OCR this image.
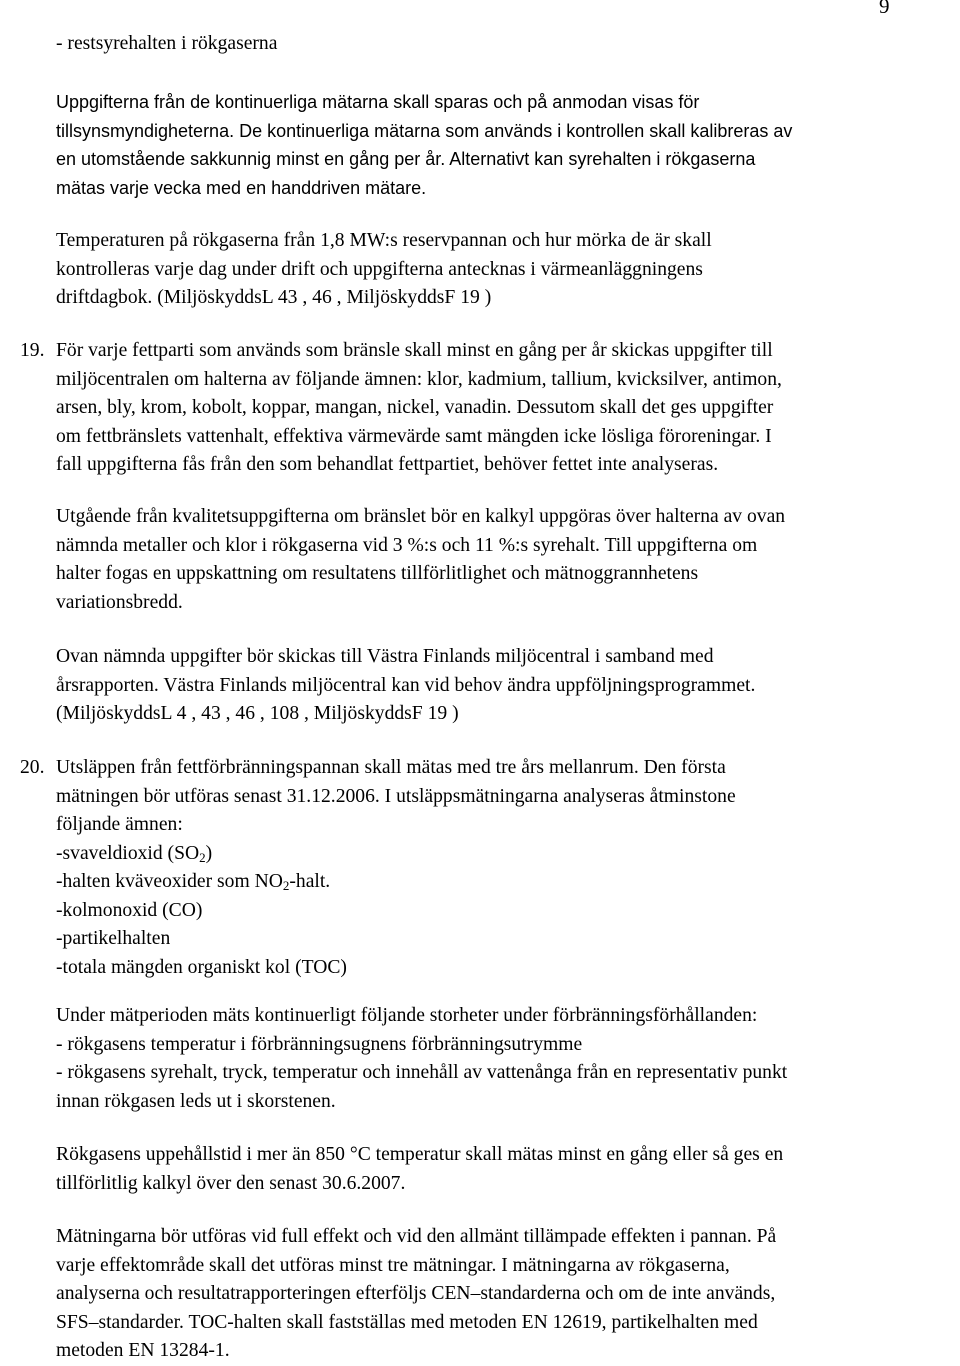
9
- restsyrehalten i rökgaserna
Uppgifterna från de kontinuerliga mätarna skall sparas och på anmodan visas för
tillsynsmyndigheterna. De kontinuerliga mätarna som används i kontrollen skall kalibreras av
en utomstående sakkunnig minst en gång per år. Alternativt kan syrehalten i rökgaserna
mätas varje vecka med en handdriven mätare.
Temperaturen på rökgaserna från 1,8 MW:s reservpannan och hur mörka de är skall
kontrolleras varje dag under drift och uppgifterna antecknas i värmeanläggningens
driftdagbok. (MiljöskyddsL 43 , 46 , MiljöskyddsF 19 )
19. För varje fettparti som används som bränsle skall minst en gång per år skickas uppgifter till
miljöcentralen om halterna av följande ämnen: klor, kadmium, tallium, kvicksilver, antimon,
arsen, bly, krom, kobolt, koppar, mangan, nickel, vanadin. Dessutom skall det ges uppgifter
om fettbränslets vattenhalt, effektiva värmevärde samt mängden icke lösliga föroreningar. I
fall uppgifterna fås från den som behandlat fettpartiet, behöver fettet inte analyseras.
Utgående från kvalitetsuppgifterna om bränslet bör en kalkyl uppgöras över halterna av ovan
nämnda metaller och klor i rökgaserna vid 3 %:s och 11 %:s syrehalt. Till uppgifterna om
halter fogas en uppskattning om resultatens tillförlitlighet och mätnoggrannhetens
variationsbredd.
Ovan nämnda uppgifter bör skickas till Västra Finlands miljöcentral i samband med
årsrapporten. Västra Finlands miljöcentral kan vid behov ändra uppföljningsprogrammet.
(MiljöskyddsL 4 , 43 , 46 , 108 , MiljöskyddsF 19 )
20. Utsläppen från fettförbränningspannan skall mätas med tre års mellanrum. Den första
mätningen bör utföras senast 31.12.2006. I utsläppsmätningarna analyseras åtminstone
följande ämnen:
-svaveldioxid $(SO_2)$
-halten kväveoxider som $NO_2$-halt.
-kolmonoxid (CO)
-partikelhalten
-totala mängden organiskt kol (TOC)
Under mätperioden mäts kontinuerligt följande storheter under förbränningsförhållanden:
- rökgasens temperatur i förbränningsugnens förbränningsutrymme
- rökgasens syrehalt, tryck, temperatur och innehåll av vattenånga från en representativ punkt
innan rökgasen leds ut i skorstenen.
Rökgasens uppehållstid i mer än 850 °C temperatur skall mätas minst en gång eller så ges en
tillförlitlig kalkyl över den senast 30.6.2007.
Mätningarna bör utföras vid full effekt och vid den allmänt tillämpade effekten i pannan. På
varje effektområde skall det utföras minst tre mätningar. I mätningarna av rökgaserna,
analyserna och resultatrapporteringen efterföljs CEN–standarderna och om de inte används,
SFS–standarder. TOC-halten skall fastställas med metoden EN 12619, partikelhalten med
metoden EN 13284-1.
